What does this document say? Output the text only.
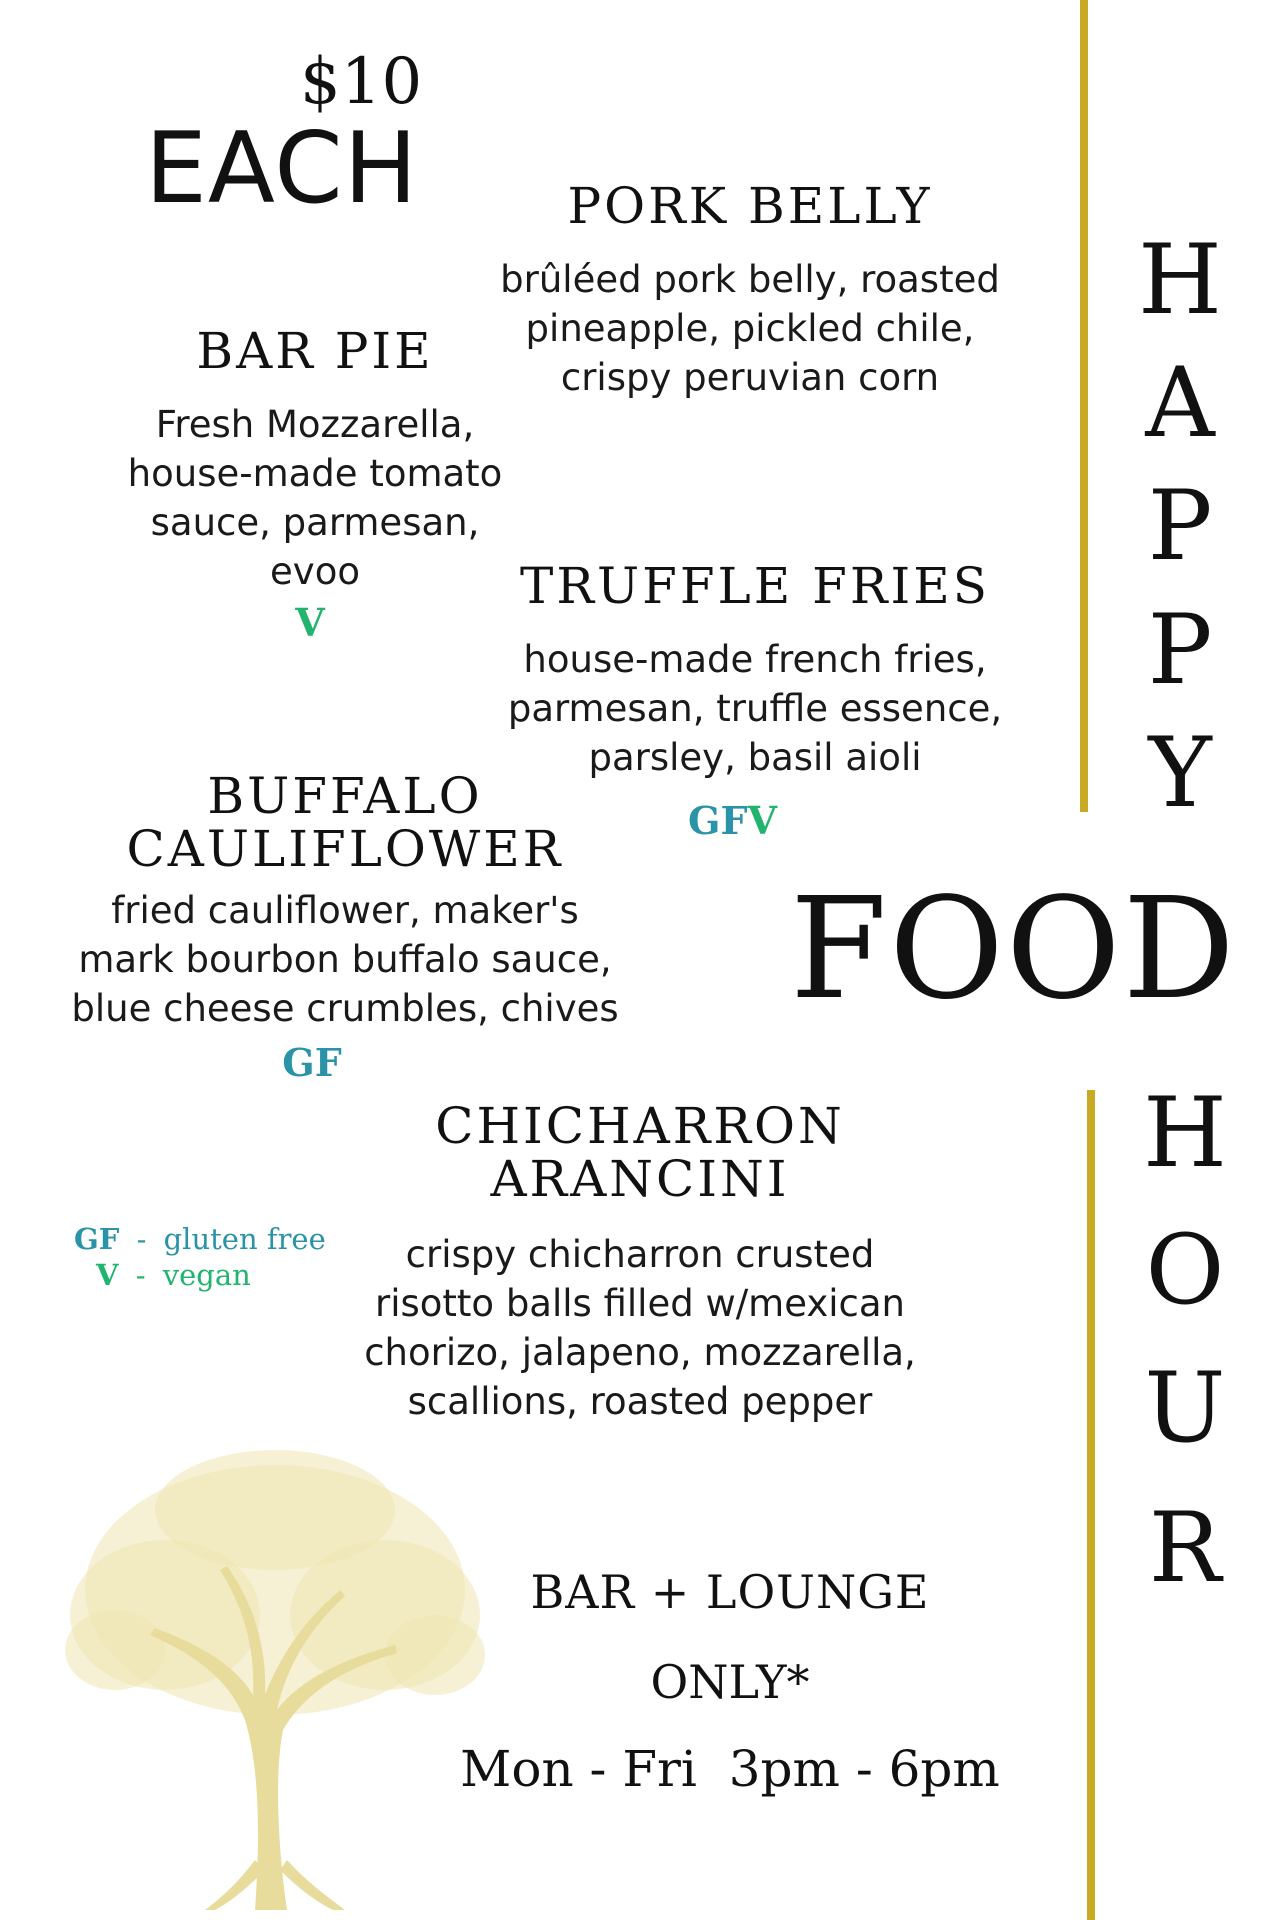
$10
EACH	PORK BELLY
brûléed pork belly, roasted
pineapple, pickled chile,
crispy peruvian corn
BAR PIE
Fresh Mozzarella,
house-made tomato
sauce, parmesan,
evoo
V
TRUFFLE FRIES
house-made french fries,
parmesan, truffle essence,
parsley, basil aioli
GFV
BUFFALO
CAULIFLOWER
fried cauliflower, maker's
mark bourbon buffalo sauce,
blue cheese crumbles, chives
GF
CHICHARRON
ARANCINI
crispy chicharron crusted
risotto balls filled w/mexican
chorizo, jalapeno, mozzarella,
scallions, roasted pepper
GF - gluten free
V - vegan
H
A
P
P
Y
FOOD
H
O
U
R
BAR + LOUNGE
ONLY*
Mon - Fri  3pm - 6pm
